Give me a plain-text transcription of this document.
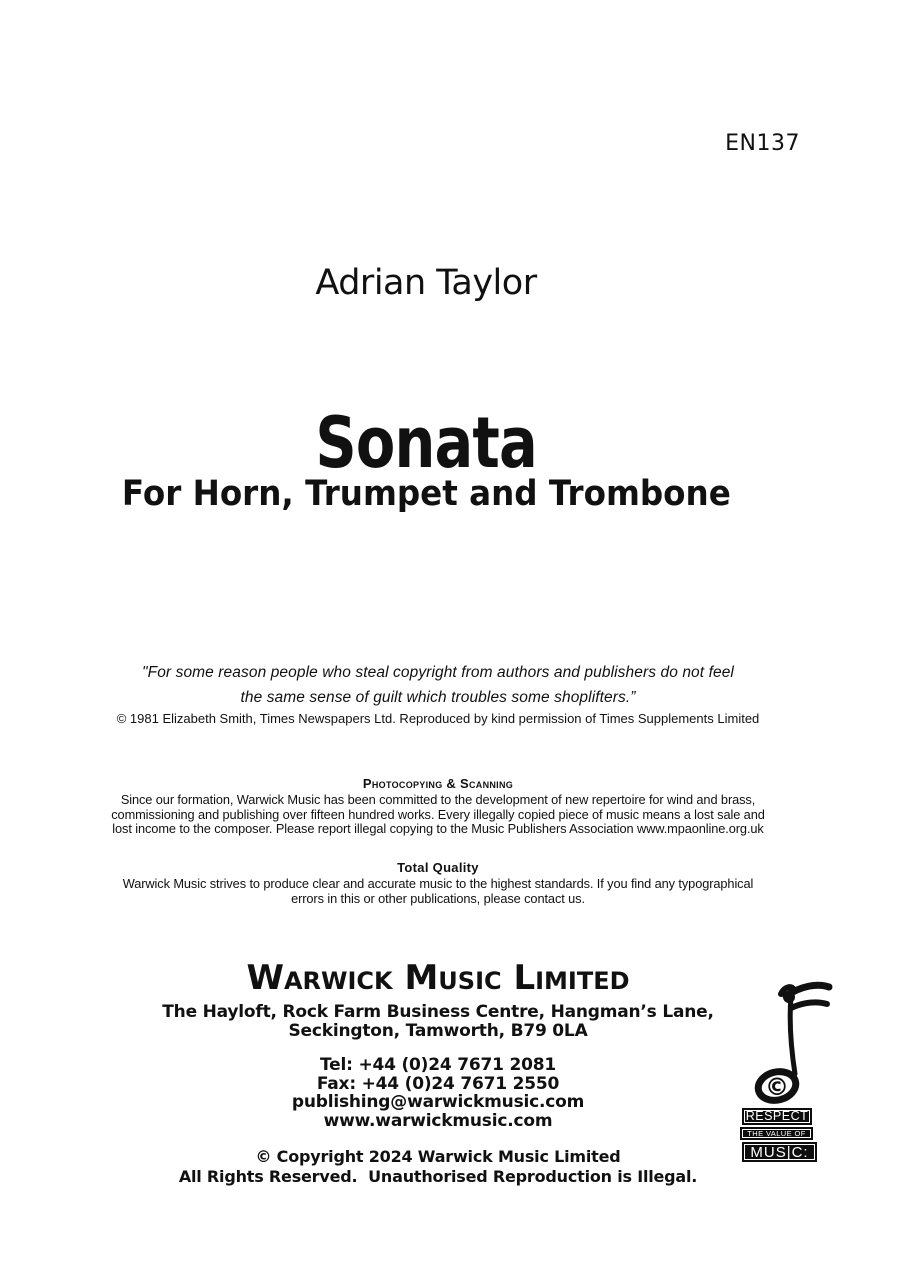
EN137
Adrian Taylor
Sonata
For Horn, Trumpet and Trombone
"For some reason people who steal copyright from authors and publishers do not feel
the same sense of guilt which troubles some shoplifters.”
© 1981 Elizabeth Smith, Times Newspapers Ltd. Reproduced by kind permission of Times Supplements Limited
Photocopying & Scanning
Since our formation, Warwick Music has been committed to the development of new repertoire for wind and brass,
commissioning and publishing over fifteen hundred works. Every illegally copied piece of music means a lost sale and
lost income to the composer. Please report illegal copying to the Music Publishers Association www.mpaonline.org.uk
Total Quality
Warwick Music strives to produce clear and accurate music to the highest standards. If you find any typographical
errors in this or other publications, please contact us.
Warwick Music Limited
The Hayloft, Rock Farm Business Centre, Hangman’s Lane,
Seckington, Tamworth, B79 0LA
Tel: +44 (0)24 7671 2081
Fax: +44 (0)24 7671 2550
publishing@warwickmusic.com
www.warwickmusic.com
© Copyright 2024 Warwick Music Limited
All Rights Reserved.  Unauthorised Reproduction is Illegal.
©
RESPECT
THE VALUE OF
MUS|C:
